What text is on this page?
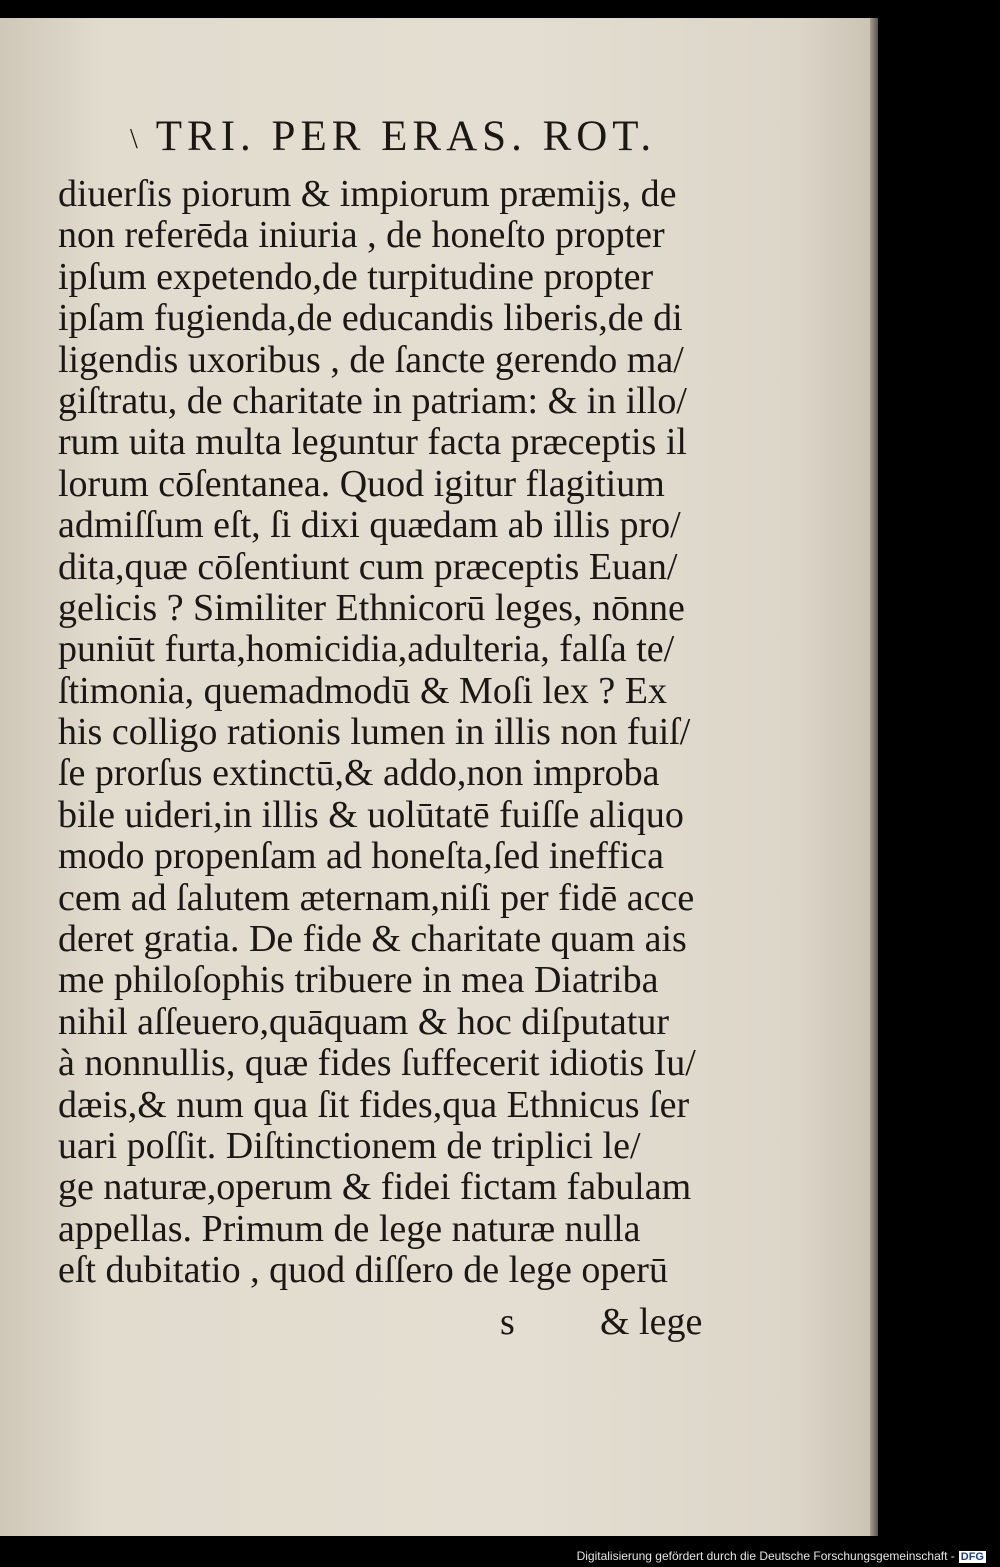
\ TRI. PER ERAS. ROT.
diuerſis piorum & impiorum præmijs, de
non referēda iniuria , de honeſto propter
ipſum expetendo,de turpitudine propter
ipſam fugienda,de educandis liberis,de di
ligendis uxoribus , de ſancte gerendo ma/
giſtratu, de charitate in patriam: & in illo/
rum uita multa leguntur facta præceptis il
lorum cōſentanea. Quod igitur flagitium
admiſſum eſt, ſi dixi quædam ab illis pro/
dita,quæ cōſentiunt cum præceptis Euan/
gelicis ? Similiter Ethnicorū leges, nōnne
puniūt furta,homicidia,adulteria, falſa te/
ſtimonia, quemadmodū & Moſi lex ? Ex
his colligo rationis lumen in illis non fuiſ/
ſe prorſus extinctū,& addo,non improba
bile uideri,in illis & uolūtatē fuiſſe aliquo
modo propenſam ad honeſta,ſed ineffica
cem ad ſalutem æternam,niſi per fidē acce
deret gratia. De fide & charitate quam ais
me philoſophis tribuere in mea Diatriba
nihil aſſeuero,quāquam & hoc diſputatur
à nonnullis, quæ fides ſuffecerit idiotis Iu/
dæis,& num qua ſit fides,qua Ethnicus ſer
uari poſſit. Diſtinctionem de triplici le/
ge naturæ,operum & fidei fictam fabulam
appellas. Primum de lege naturæ nulla
eſt dubitatio , quod diſſero de lege operū
s & lege
Digitalisierung gefördert durch die Deutsche Forschungsgemeinschaft - DFG
